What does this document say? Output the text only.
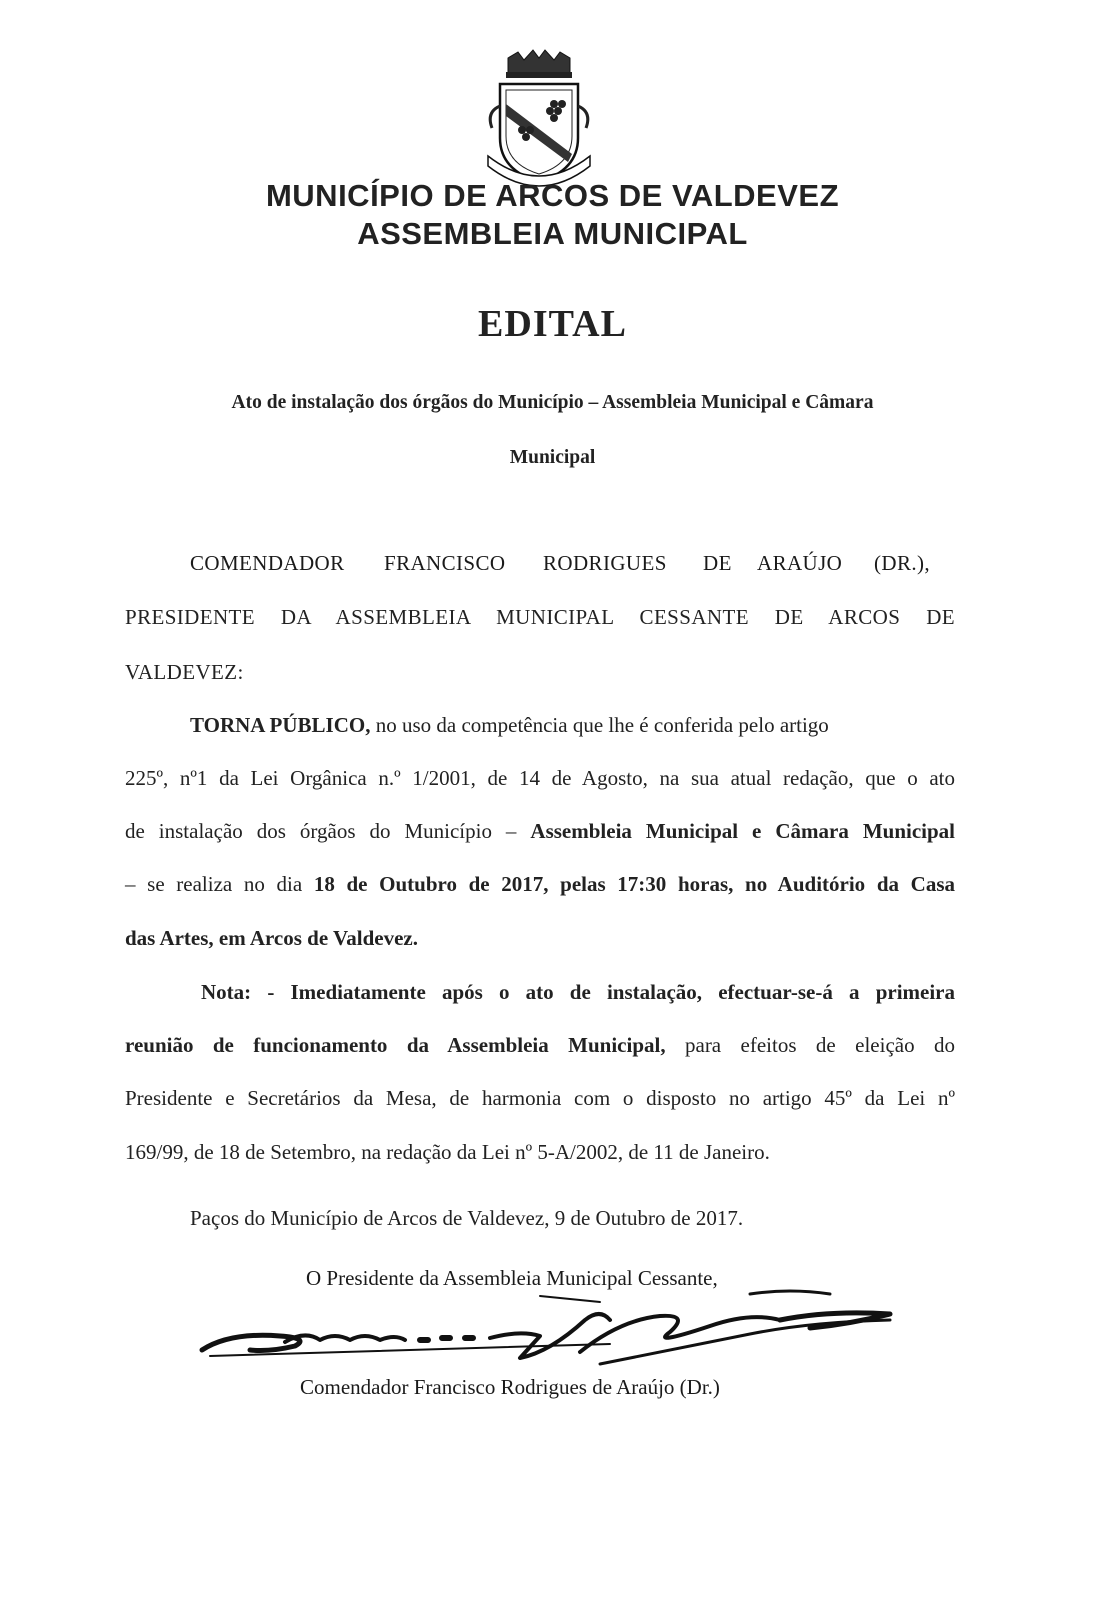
MUNICÍPIO DE ARCOS DE VALDEVEZ
ASSEMBLEIA MUNICIPAL
EDITAL
Ato de instalação dos órgãos do Município – Assembleia Municipal e Câmara
Municipal
COMENDADOR FRANCISCO RODRIGUES DE ARAÚJO (DR.),
PRESIDENTE DA ASSEMBLEIA MUNICIPAL CESSANTE DE ARCOS DE
VALDEVEZ:
TORNA PÚBLICO, no uso da competência que lhe é conferida pelo artigo
225º, nº1 da Lei Orgânica n.º 1/2001, de 14 de Agosto, na sua atual redação, que o ato
de instalação dos órgãos do Município – Assembleia Municipal e Câmara Municipal
– se realiza no dia 18 de Outubro de 2017, pelas 17:30 horas, no Auditório da Casa
das Artes, em Arcos de Valdevez.
Nota: - Imediatamente após o ato de instalação, efectuar-se-á a primeira
reunião de funcionamento da Assembleia Municipal, para efeitos de eleição do
Presidente e Secretários da Mesa, de harmonia com o disposto no artigo 45º da Lei nº
169/99, de 18 de Setembro, na redação da Lei nº 5-A/2002, de 11 de Janeiro.
Paços do Município de Arcos de Valdevez, 9 de Outubro de 2017.
O Presidente da Assembleia Municipal Cessante,
Comendador Francisco Rodrigues de Araújo (Dr.)
